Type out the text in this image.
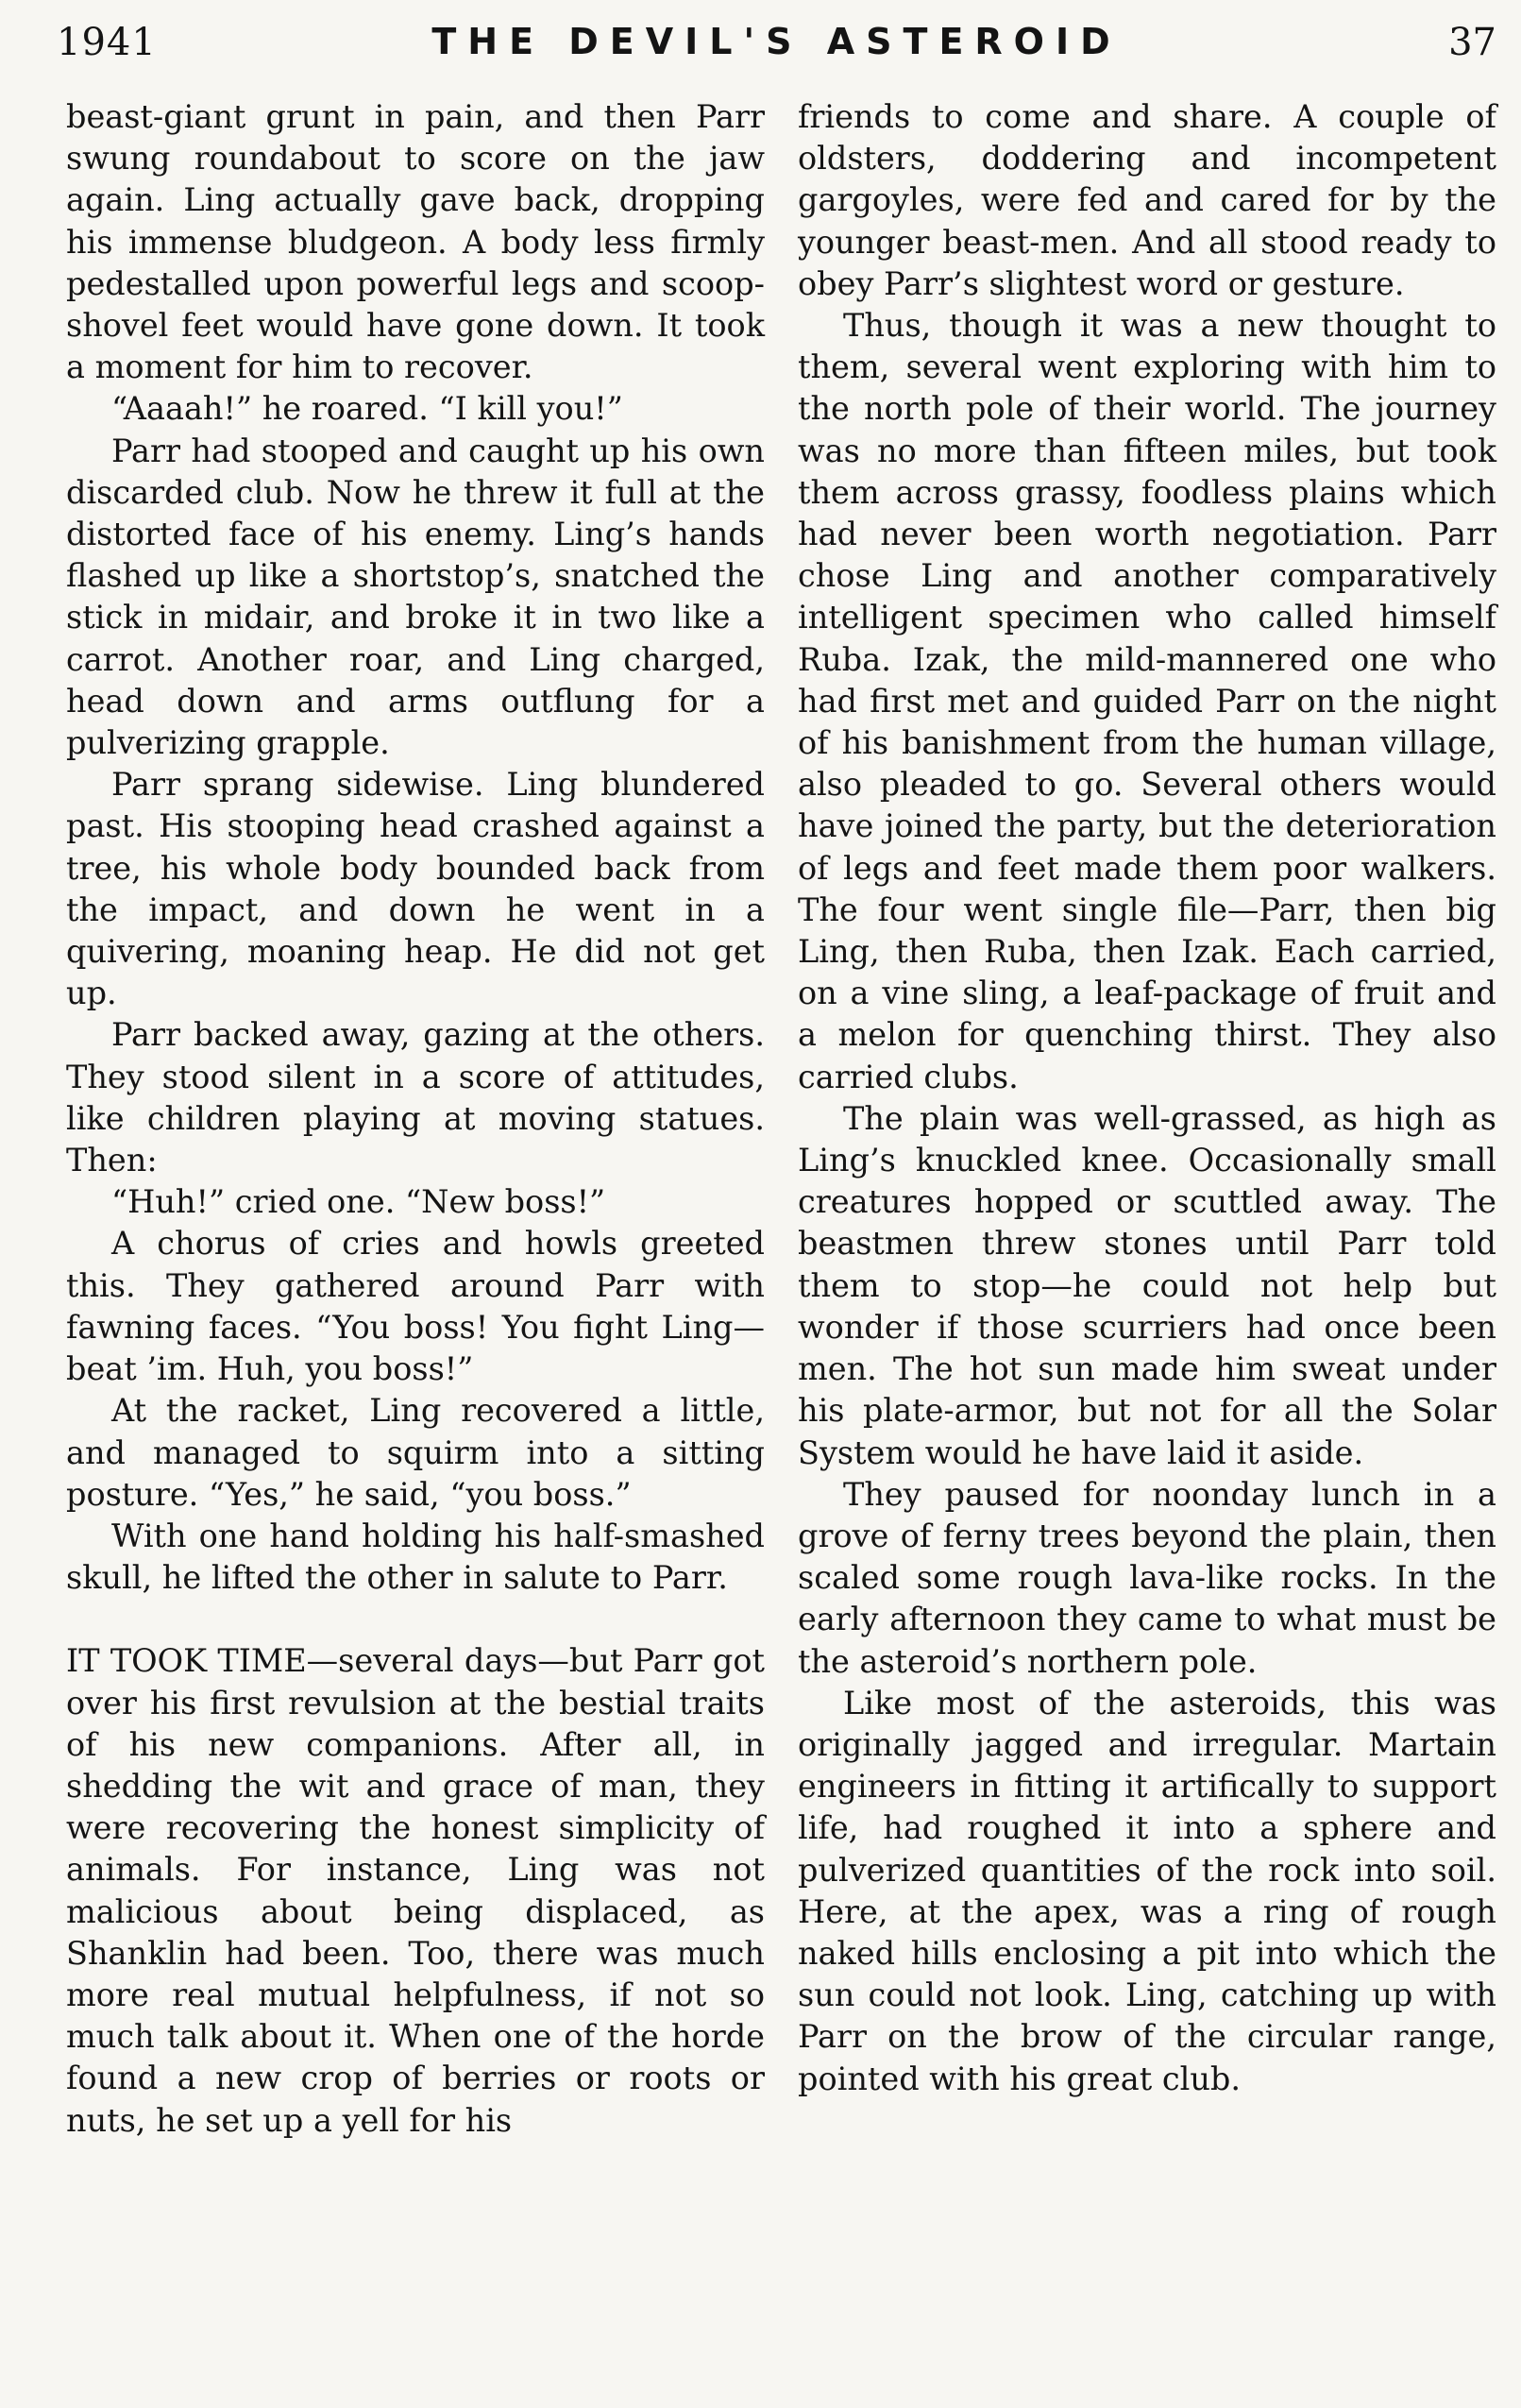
1941	THE DEVIL'S ASTEROID	37

beast-giant grunt in pain, and then Parr swung roundabout to score on the jaw again. Ling actually gave back, dropping his immense bludgeon. A body less firmly pedestalled upon powerful legs and scoop-shovel feet would have gone down. It took a moment for him to recover.

“Aaaah!” he roared. “I kill you!”

Parr had stooped and caught up his own discarded club. Now he threw it full at the distorted face of his enemy. Ling’s hands flashed up like a shortstop’s, snatched the stick in midair, and broke it in two like a carrot. Another roar, and Ling charged, head down and arms outflung for a pulverizing grapple.

Parr sprang sidewise. Ling blundered past. His stooping head crashed against a tree, his whole body bounded back from the impact, and down he went in a quivering, moaning heap. He did not get up.

Parr backed away, gazing at the others. They stood silent in a score of attitudes, like children playing at moving statues. Then:

“Huh!” cried one. “New boss!”

A chorus of cries and howls greeted this. They gathered around Parr with fawning faces. “You boss! You fight Ling—beat ’im. Huh, you boss!”

At the racket, Ling recovered a little, and managed to squirm into a sitting posture. “Yes,” he said, “you boss.”

With one hand holding his half-smashed skull, he lifted the other in salute to Parr.

IT TOOK TIME—several days—but Parr got over his first revulsion at the bestial traits of his new companions. After all, in shedding the wit and grace of man, they were recovering the honest simplicity of animals. For instance, Ling was not malicious about being displaced, as Shanklin had been. Too, there was much more real mutual helpfulness, if not so much talk about it. When one of the horde found a new crop of berries or roots or nuts, he set up a yell for his

friends to come and share. A couple of oldsters, doddering and incompetent gargoyles, were fed and cared for by the younger beast-men. And all stood ready to obey Parr’s slightest word or gesture.

Thus, though it was a new thought to them, several went exploring with him to the north pole of their world. The journey was no more than fifteen miles, but took them across grassy, foodless plains which had never been worth negotiation. Parr chose Ling and another comparatively intelligent specimen who called himself Ruba. Izak, the mild-mannered one who had first met and guided Parr on the night of his banishment from the human village, also pleaded to go. Several others would have joined the party, but the deterioration of legs and feet made them poor walkers. The four went single file—Parr, then big Ling, then Ruba, then Izak. Each carried, on a vine sling, a leaf-package of fruit and a melon for quenching thirst. They also carried clubs.

The plain was well-grassed, as high as Ling’s knuckled knee. Occasionally small creatures hopped or scuttled away. The beastmen threw stones until Parr told them to stop—he could not help but wonder if those scurriers had once been men. The hot sun made him sweat under his plate-armor, but not for all the Solar System would he have laid it aside.

They paused for noonday lunch in a grove of ferny trees beyond the plain, then scaled some rough lava-like rocks. In the early afternoon they came to what must be the asteroid’s northern pole.

Like most of the asteroids, this was originally jagged and irregular. Martain engineers in fitting it artifically to support life, had roughed it into a sphere and pulverized quantities of the rock into soil. Here, at the apex, was a ring of rough naked hills enclosing a pit into which the sun could not look. Ling, catching up with Parr on the brow of the circular range, pointed with his great club.
